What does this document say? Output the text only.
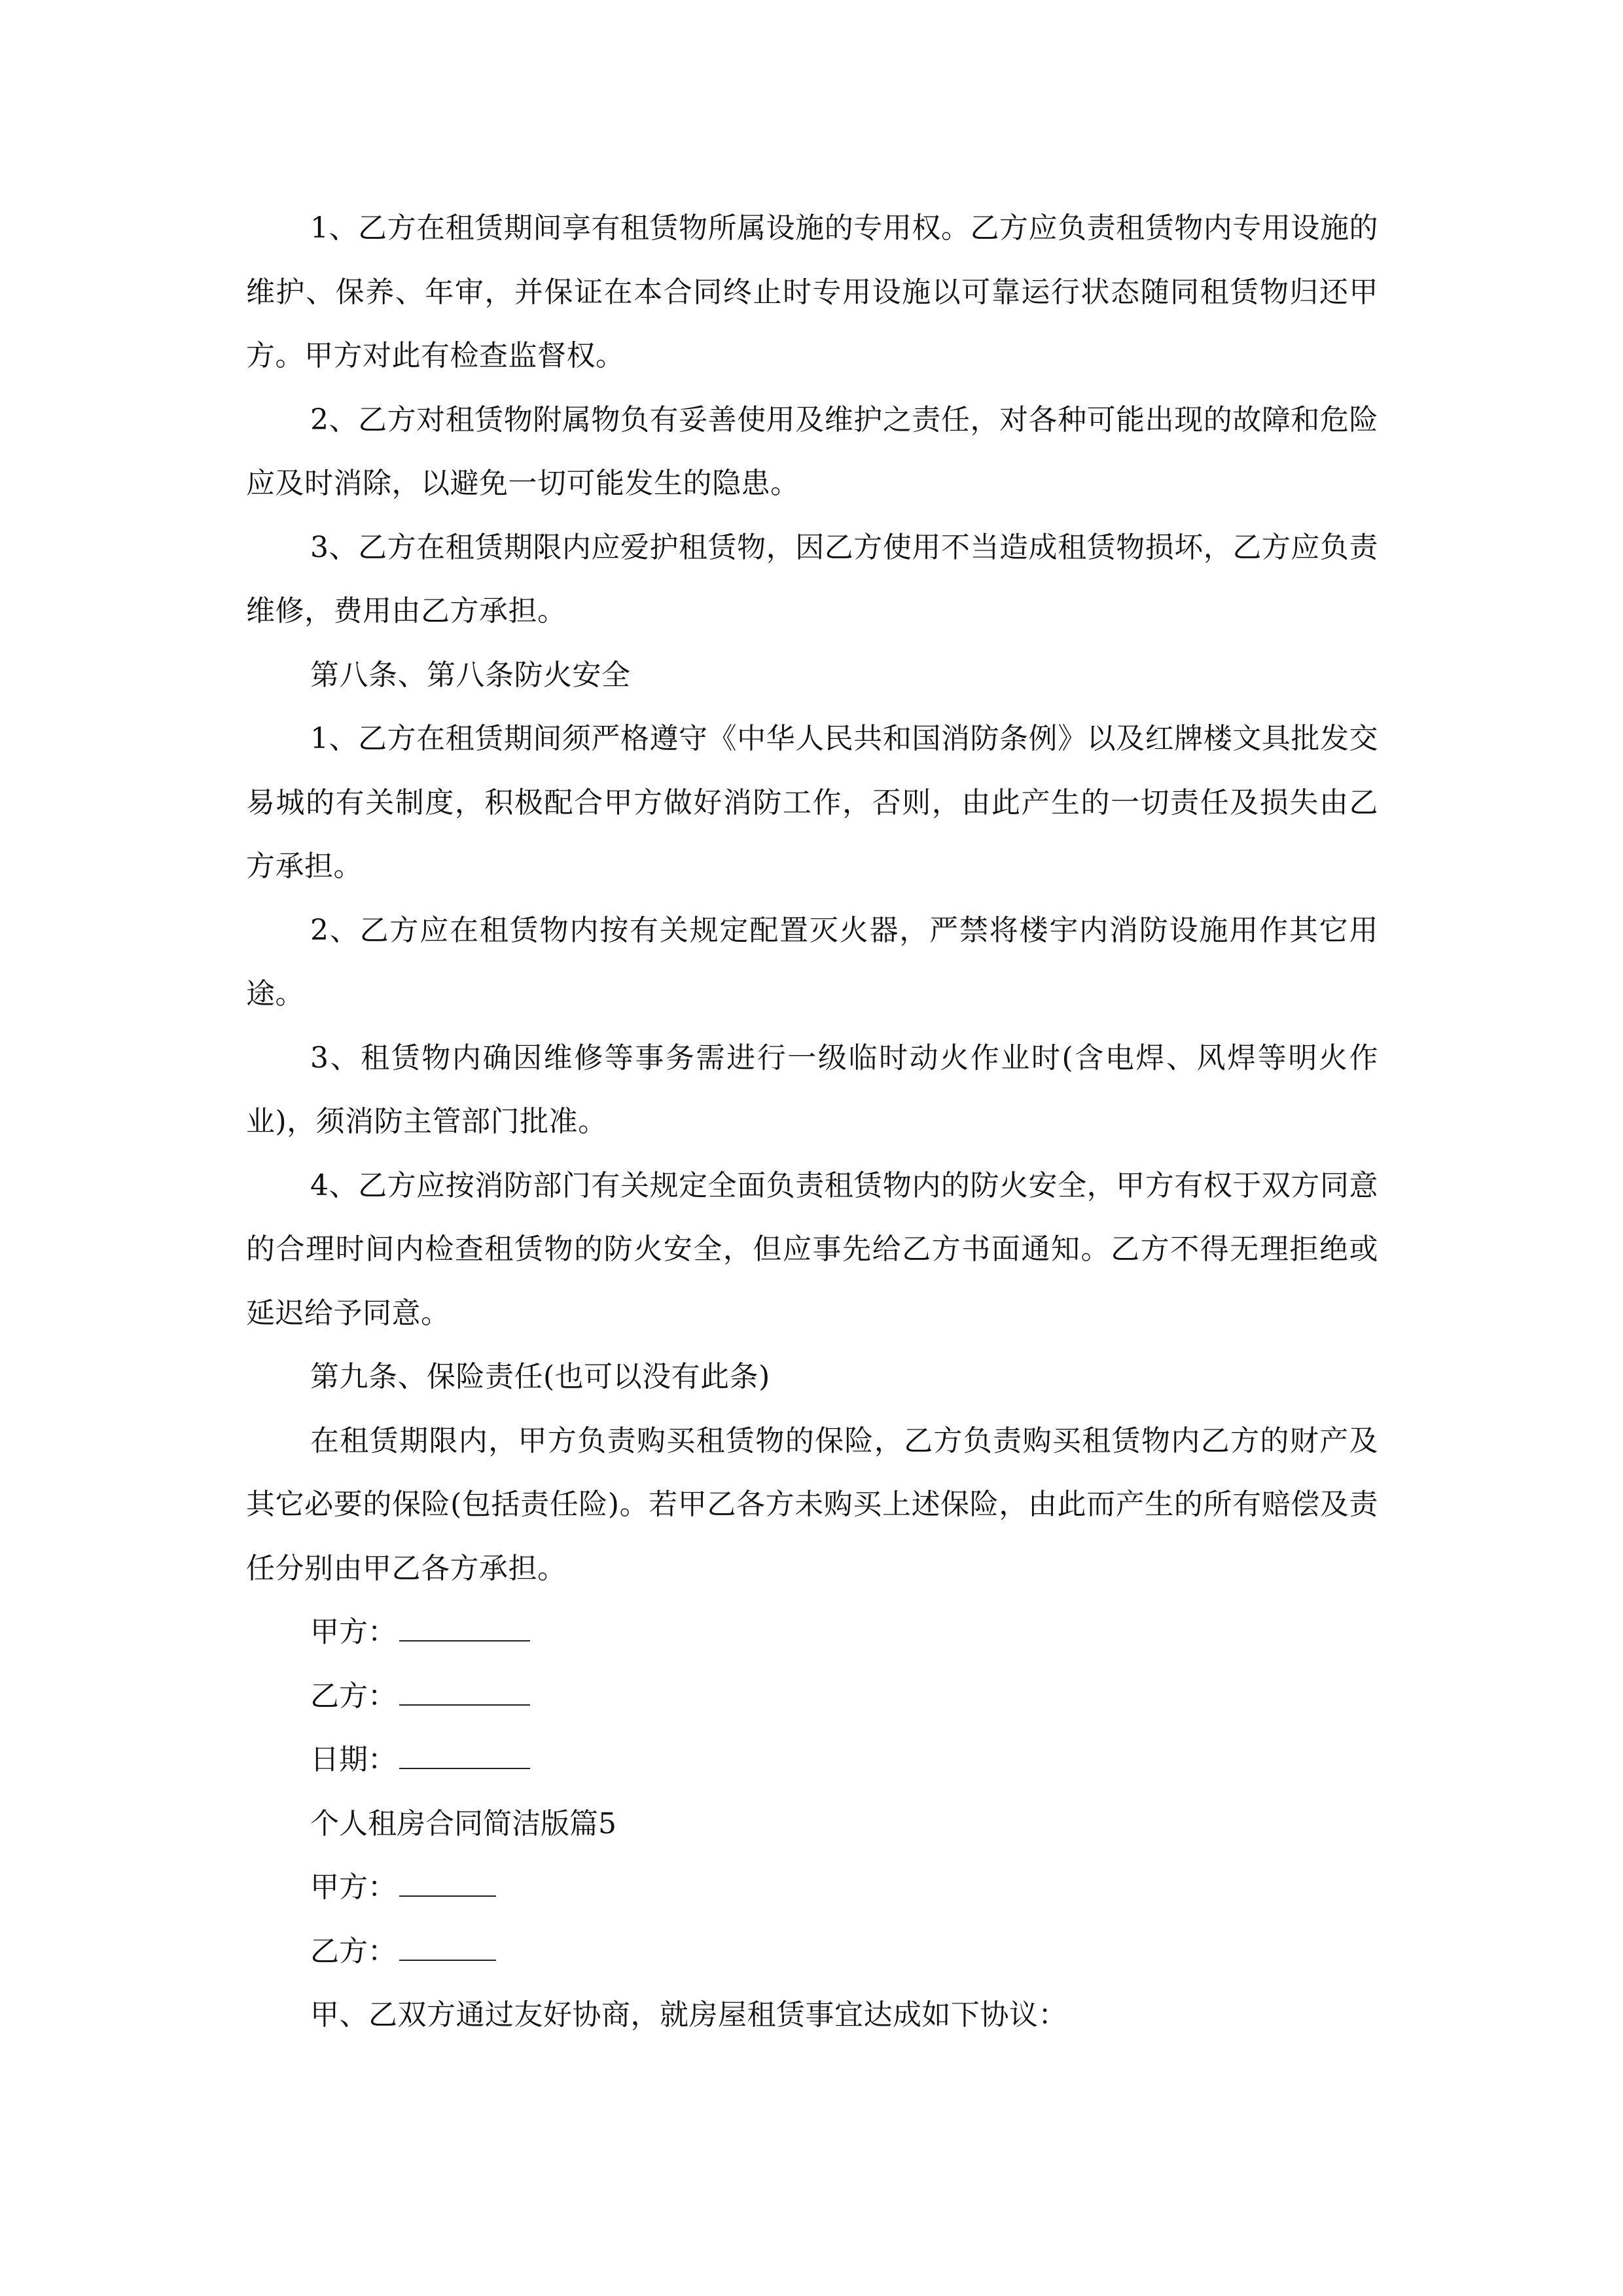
1、乙方在租赁期间享有租赁物所属设施的专用权。乙方应负责租赁物内专用设施的维护、保养、年审，并保证在本合同终止时专用设施以可靠运行状态随同租赁物归还甲方。甲方对此有检查监督权。

2、乙方对租赁物附属物负有妥善使用及维护之责任，对各种可能出现的故障和危险应及时消除，以避免一切可能发生的隐患。

3、乙方在租赁期限内应爱护租赁物，因乙方使用不当造成租赁物损坏，乙方应负责维修，费用由乙方承担。

第八条、第八条防火安全

1、乙方在租赁期间须严格遵守《中华人民共和国消防条例》以及红牌楼文具批发交易城的有关制度，积极配合甲方做好消防工作，否则，由此产生的一切责任及损失由乙方承担。

2、乙方应在租赁物内按有关规定配置灭火器，严禁将楼宇内消防设施用作其它用途。

3、租赁物内确因维修等事务需进行一级临时动火作业时(含电焊、风焊等明火作业)，须消防主管部门批准。

4、乙方应按消防部门有关规定全面负责租赁物内的防火安全，甲方有权于双方同意的合理时间内检查租赁物的防火安全，但应事先给乙方书面通知。乙方不得无理拒绝或延迟给予同意。

第九条、保险责任(也可以没有此条)

在租赁期限内，甲方负责购买租赁物的保险，乙方负责购买租赁物内乙方的财产及其它必要的保险(包括责任险)。若甲乙各方未购买上述保险，由此而产生的所有赔偿及责任分别由甲乙各方承担。

甲方：
乙方：
日期：
个人租房合同简洁版篇5
甲方：
乙方：

甲、乙双方通过友好协商，就房屋租赁事宜达成如下协议：
